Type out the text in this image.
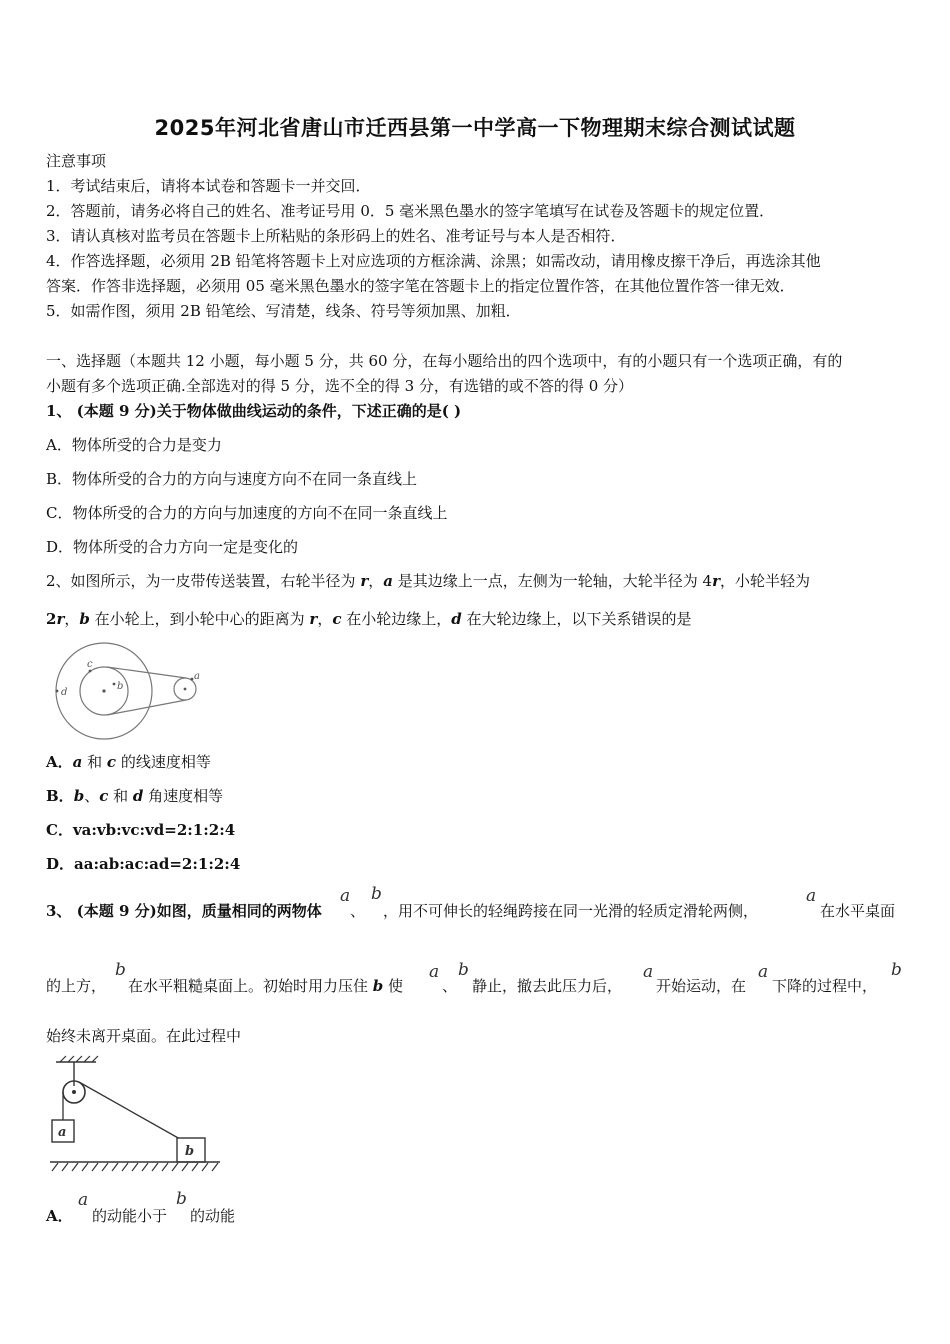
2025年河北省唐山市迁西县第一中学高一下物理期末综合测试试题
注意事项
1．考试结束后，请将本试卷和答题卡一并交回．
2．答题前，请务必将自己的姓名、准考证号用 0．5 毫米黑色墨水的签字笔填写在试卷及答题卡的规定位置．
3．请认真核对监考员在答题卡上所粘贴的条形码上的姓名、准考证号与本人是否相符．
4．作答选择题，必须用 2B 铅笔将答题卡上对应选项的方框涂满、涂黑；如需改动，请用橡皮擦干净后，再选涂其他
答案．作答非选择题，必须用 05 毫米黑色墨水的签字笔在答题卡上的指定位置作答，在其他位置作答一律无效．
5．如需作图，须用 2B 铅笔绘、写清楚，线条、符号等须加黑、加粗．
一、选择题（本题共 12 小题，每小题 5 分，共 60 分，在每小题给出的四个选项中，有的小题只有一个选项正确，有的
小题有多个选项正确.全部选对的得 5 分，选不全的得 3 分，有选错的或不答的得 0 分）
1、 (本题 9 分)关于物体做曲线运动的条件，下述正确的是( )
A．物体所受的合力是变力
B．物体所受的合力的方向与速度方向不在同一条直线上
C．物体所受的合力的方向与加速度的方向不在同一条直线上
D．物体所受的合力方向一定是变化的
2、如图所示，为一皮带传送装置，右轮半径为 r，a 是其边缘上一点，左侧为一轮轴，大轮半径为 4r，小轮半轻为
2r，b 在小轮上，到小轮中心的距离为 r，c 在小轮边缘上，d 在大轮边缘上，以下关系错误的是
c
b
d
a
A．a 和 c 的线速度相等
B．b、c 和 d 角速度相等
C．va:vb:vc:vd=2:1:2:4
D．aa:ab:ac:ad=2:1:2:4
3、 (本题 9 分)如图，质量相同的两物体
a
、
b
，用不可伸长的轻绳跨接在同一光滑的轻质定滑轮两侧，
a
在水平桌面
的上方，
b
在水平粗糙桌面上。初始时用力压住 b 使
a
、
b
静止，撤去此压力后，
a
开始运动，在
a
下降的过程中，
b
始终未离开桌面。在此过程中
a
b
A．
a
的动能小于
b
的动能
